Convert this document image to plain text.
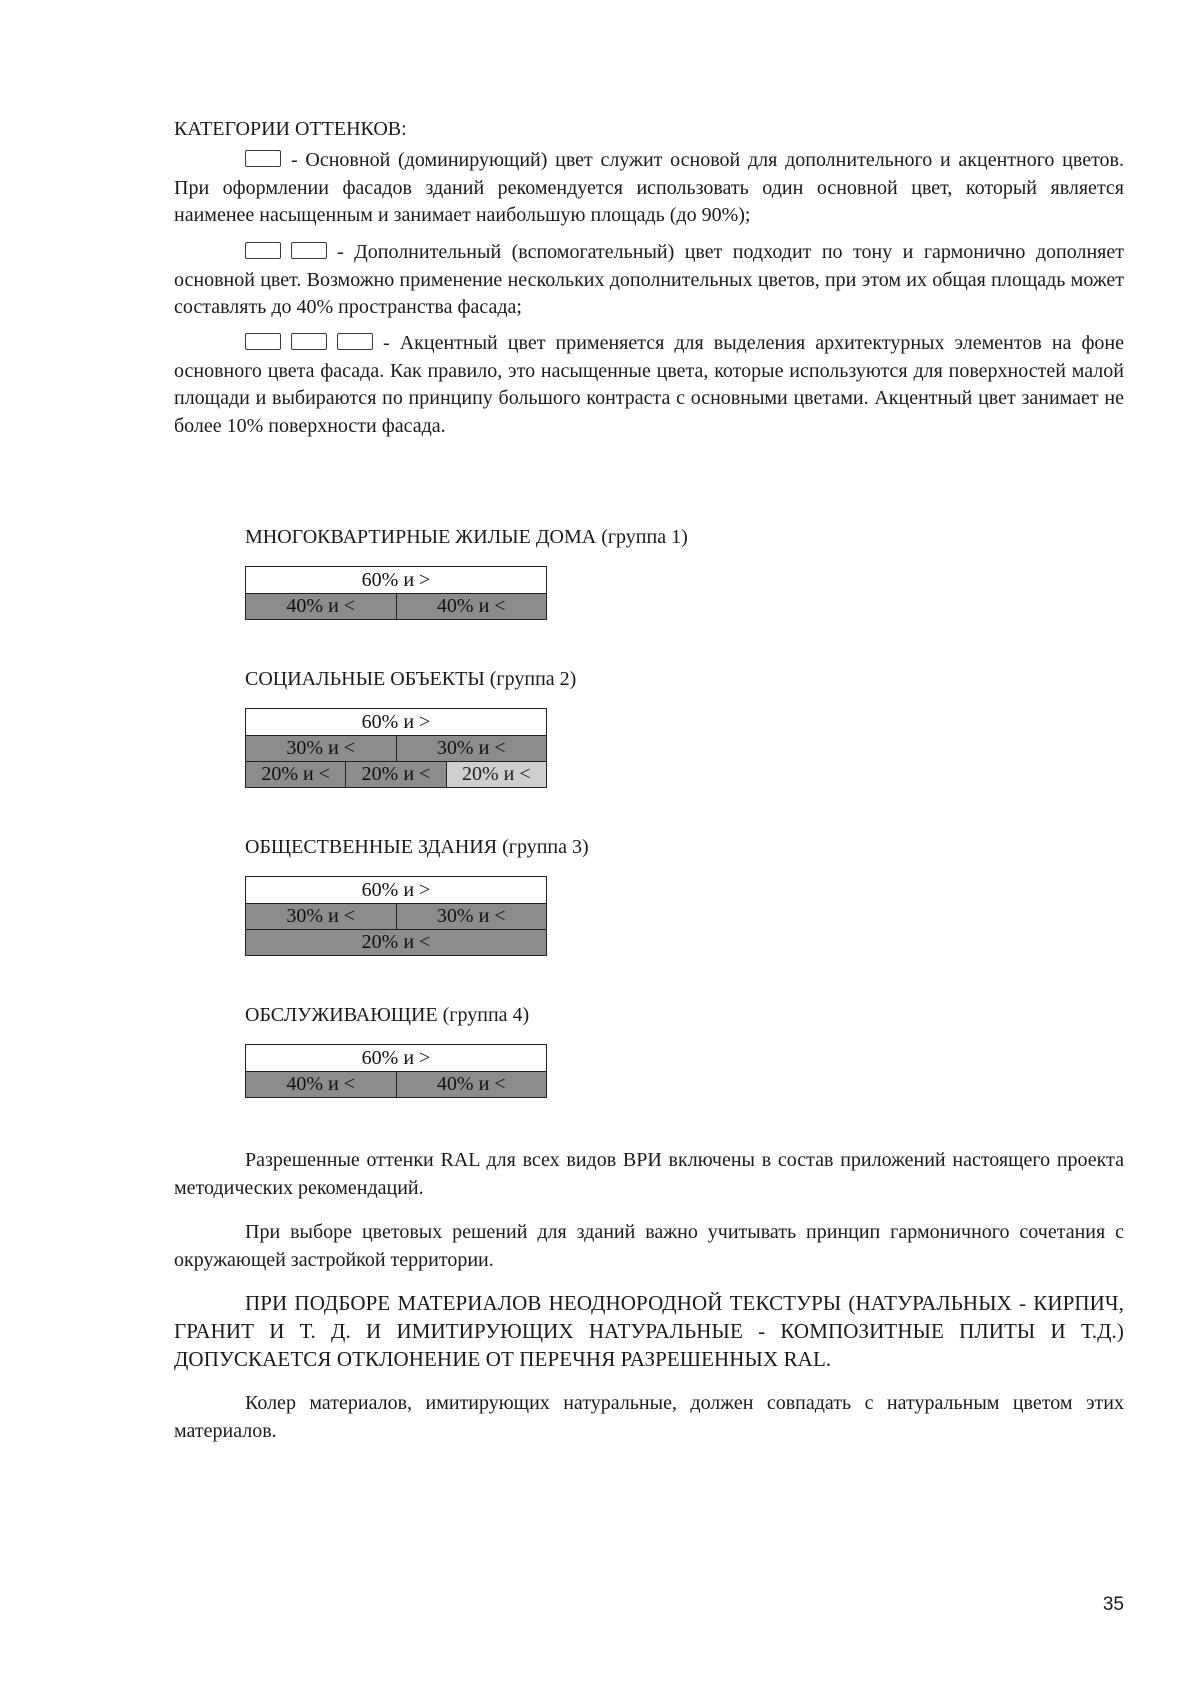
КАТЕГОРИИ ОТТЕНКОВ:
- Основной (доминирующий) цвет служит основой для дополнительного и акцентного цветов. При оформлении фасадов зданий рекомендуется использовать один основной цвет, который является наименее насыщенным и занимает наибольшую площадь (до 90%);
- Дополнительный (вспомогательный) цвет подходит по тону и гармонично дополняет основной цвет. Возможно применение нескольких дополнительных цветов, при этом их общая площадь может составлять до 40% пространства фасада;
- Акцентный цвет применяется для выделения архитектурных элементов на фоне основного цвета фасада. Как правило, это насыщенные цвета, которые используются для поверхностей малой площади и выбираются по принципу большого контраста с основными цветами. Акцентный цвет занимает не более 10% поверхности фасада.
МНОГОКВАРТИРНЫЕ ЖИЛЫЕ ДОМА (группа 1)
60% и >
40% и <	40% и <
СОЦИАЛЬНЫЕ ОБЪЕКТЫ (группа 2)
60% и >
30% и <	30% и <
20% и <	20% и <	20% и <
ОБЩЕСТВЕННЫЕ ЗДАНИЯ (группа 3)
60% и >
30% и <	30% и <
20% и <
ОБСЛУЖИВАЮЩИЕ (группа 4)
60% и >
40% и <	40% и <
Разрешенные оттенки RAL для всех видов ВРИ включены в состав приложений настоящего проекта методических рекомендаций.
При выборе цветовых решений для зданий важно учитывать принцип гармоничного сочетания с окружающей застройкой территории.
ПРИ ПОДБОРЕ МАТЕРИАЛОВ НЕОДНОРОДНОЙ ТЕКСТУРЫ (НАТУРАЛЬНЫХ - КИРПИЧ, ГРАНИТ И Т. Д. И ИМИТИРУЮЩИХ НАТУРАЛЬНЫЕ - КОМПОЗИТНЫЕ ПЛИТЫ И Т.Д.) ДОПУСКАЕТСЯ ОТКЛОНЕНИЕ ОТ ПЕРЕЧНЯ РАЗРЕШЕННЫХ RAL.
Колер материалов, имитирующих натуральные, должен совпадать с натуральным цветом этих материалов.
35
